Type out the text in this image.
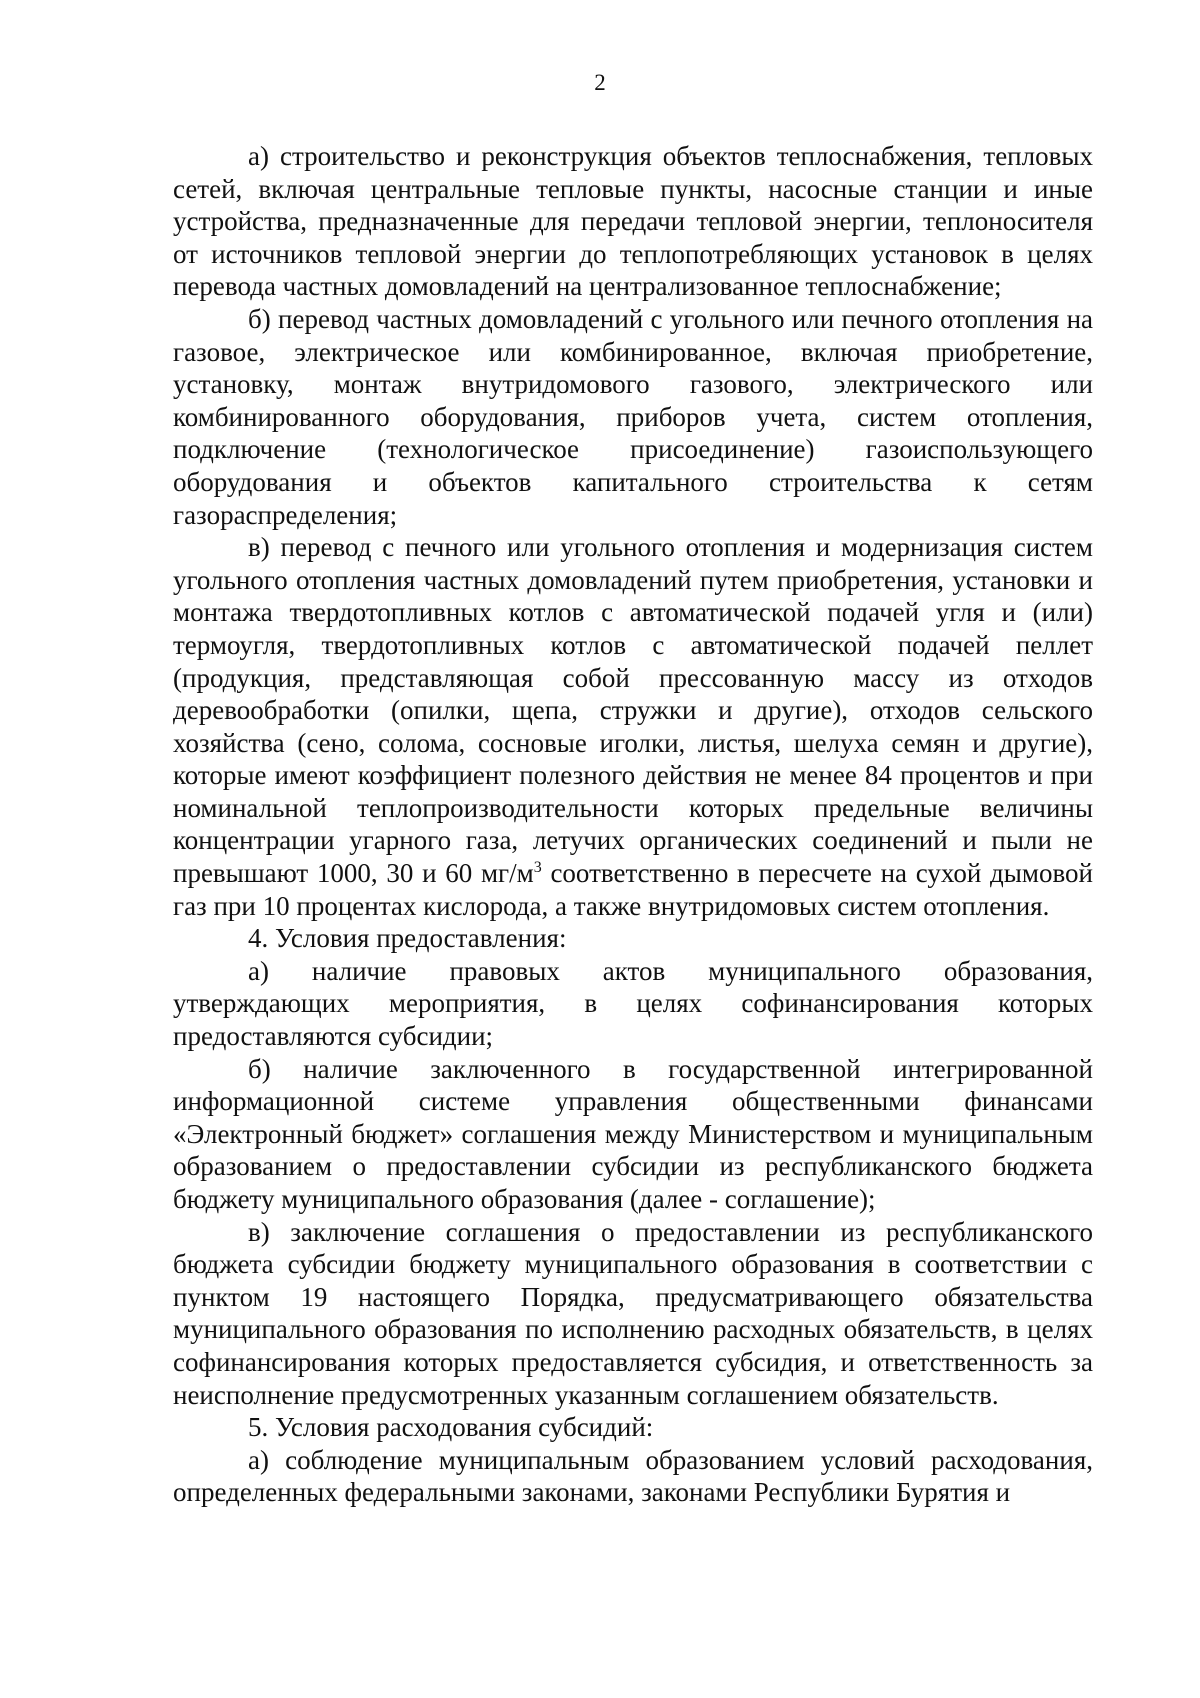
2

а) строительство и реконструкция объектов теплоснабжения, тепловых сетей, включая центральные тепловые пункты, насосные станции и иные устройства, предназначенные для передачи тепловой энергии, теплоносителя от источников тепловой энергии до теплопотребляющих установок в целях перевода частных домовладений на централизованное теплоснабжение;

б) перевод частных домовладений с угольного или печного отопления на газовое, электрическое или комбинированное, включая приобретение, установку, монтаж внутридомового газового, электрического или комбинированного оборудования, приборов учета, систем отопления, подключение (технологическое присоединение) газоиспользующего оборудования и объектов капитального строительства к сетям газораспределения;

в) перевод с печного или угольного отопления и модернизация систем угольного отопления частных домовладений путем приобретения, установки и монтажа твердотопливных котлов с автоматической подачей угля и (или) термоугля, твердотопливных котлов с автоматической подачей пеллет (продукция, представляющая собой прессованную массу из отходов деревообработки (опилки, щепа, стружки и другие), отходов сельского хозяйства (сено, солома, сосновые иголки, листья, шелуха семян и другие), которые имеют коэффициент полезного действия не менее 84 процентов и при номинальной теплопроизводительности которых предельные величины концентрации угарного газа, летучих органических соединений и пыли не превышают 1000, 30 и 60 $мг/м^3$ соответственно в пересчете на сухой дымовой газ при 10 процентах кислорода, а также внутридомовых систем отопления.

4. Условия предоставления:

а) наличие правовых актов муниципального образования, утверждающих мероприятия, в целях софинансирования которых предоставляются субсидии;

б) наличие заключенного в государственной интегрированной информационной системе управления общественными финансами «Электронный бюджет» соглашения между Министерством и муниципальным образованием о предоставлении субсидии из республиканского бюджета бюджету муниципального образования (далее - соглашение);

в) заключение соглашения о предоставлении из республиканского бюджета субсидии бюджету муниципального образования в соответствии с пунктом 19 настоящего Порядка, предусматривающего обязательства муниципального образования по исполнению расходных обязательств, в целях софинансирования которых предоставляется субсидия, и ответственность за неисполнение предусмотренных указанным соглашением обязательств.

5. Условия расходования субсидий:

а) соблюдение муниципальным образованием условий расходования, определенных федеральными законами, законами Республики Бурятия и
